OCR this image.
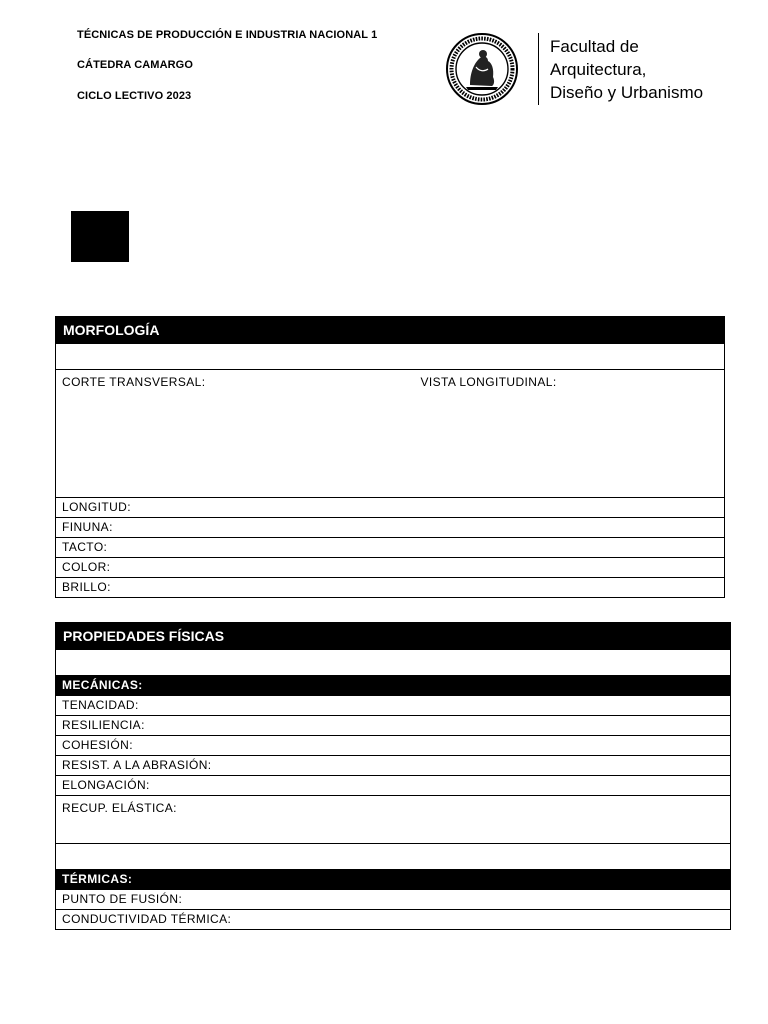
TÉCNICAS DE PRODUCCIÓN E INDUSTRIA NACIONAL 1
CÁTEDRA CAMARGO
CICLO LECTIVO 2023
Facultad de
Arquitectura,
Diseño y Urbanismo
MORFOLOGÍA

CORTE TRANSVERSAL:	VISTA LONGITUDINAL:
LONGITUD:
FINUNA:
TACTO:
COLOR:
BRILLO:
PROPIEDADES FÍSICAS

MECÁNICAS:
TENACIDAD:
RESILIENCIA:
COHESIÓN:
RESIST. A LA ABRASIÓN:
ELONGACIÓN:
RECUP. ELÁSTICA:

TÉRMICAS:
PUNTO DE FUSIÓN:
CONDUCTIVIDAD TÉRMICA:
